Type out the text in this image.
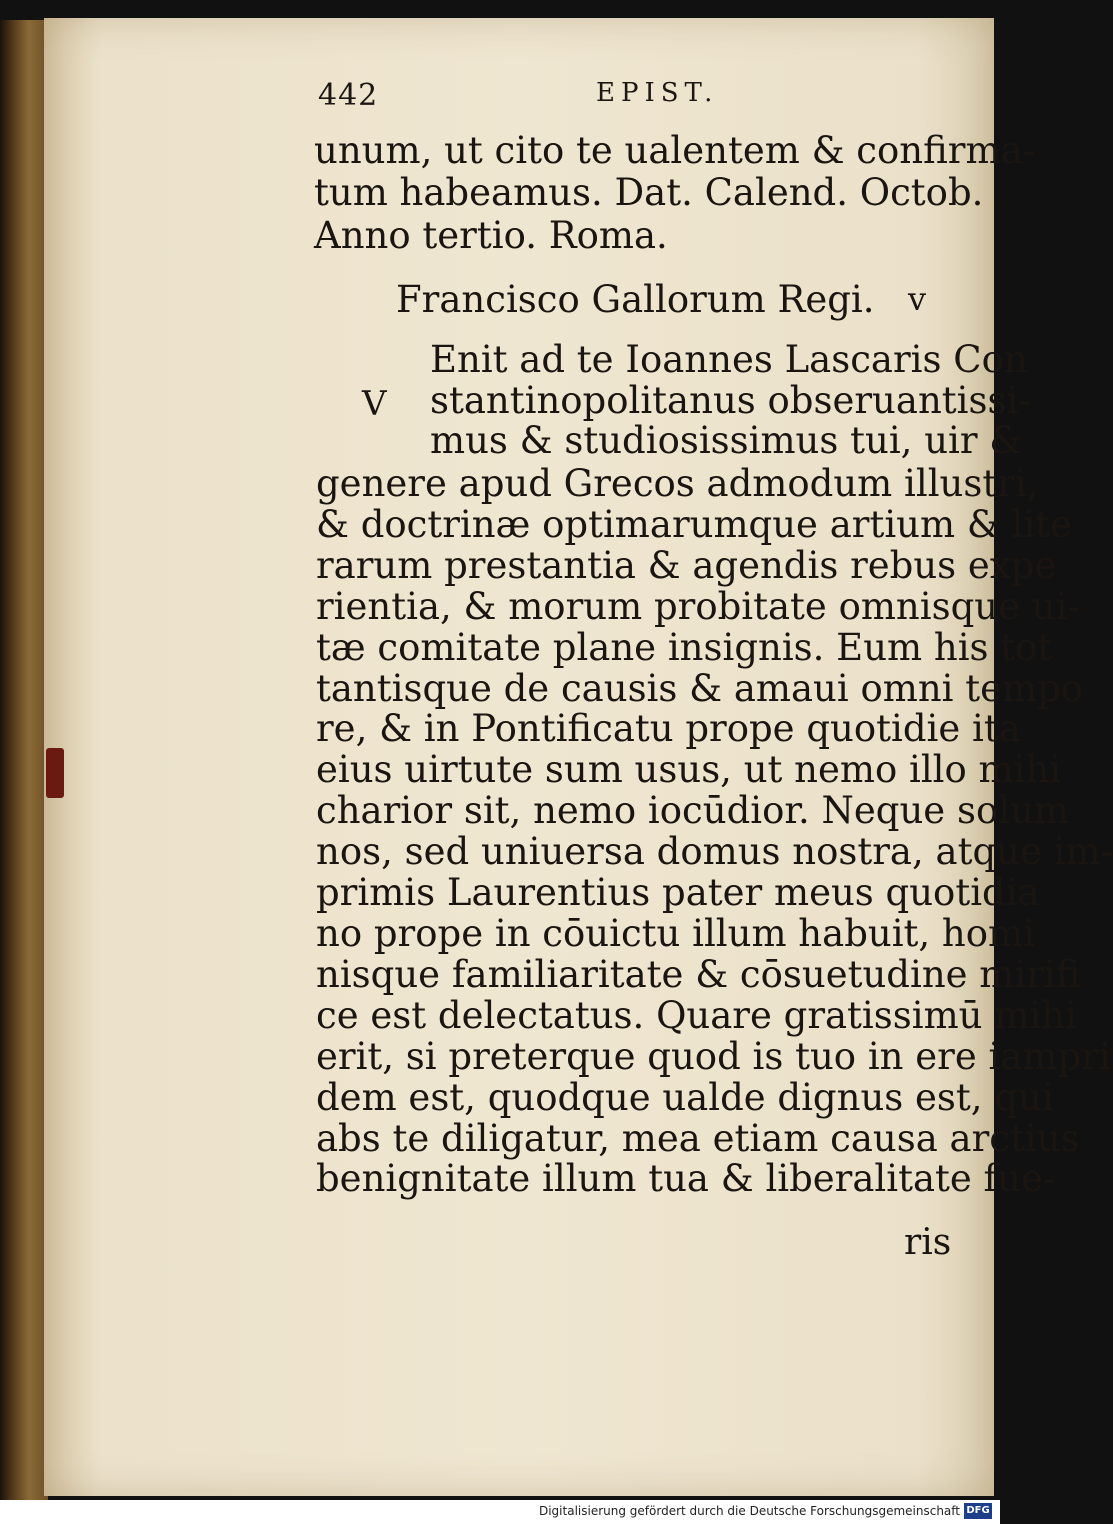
442	EPIST.
unum, ut cito te ualentem & confirma-
tum habeamus. Dat. Calend. Octob.
Anno tertio. Roma.
Francisco Gallorum Regi. v
V
Enit ad te Ioannes Lascaris Con
stantinopolitanus obseruantissi-
mus & studiosissimus tui, uir &
genere apud Grecos admodum illustri,
& doctrinæ optimarumque artium & lite
rarum prestantia & agendis rebus expe
rientia, & morum probitate omnisque ui-
tæ comitate plane insignis. Eum his tot
tantisque de causis & amaui omni tempo
re, & in Pontificatu prope quotidie ita
eius uirtute sum usus, ut nemo illo mihi
charior sit, nemo iocūdior. Neque solum
nos, sed uniuersa domus nostra, atque im-
primis Laurentius pater meus quotidia
no prope in cōuictu illum habuit, homi
nisque familiaritate & cōsuetudine mirifi
ce est delectatus. Quare gratissimū mihi
erit, si preterque quod is tuo in ere iampri
dem est, quodque ualde dignus est, qui
abs te diligatur, mea etiam causa arctius
benignitate illum tua & liberalitate fue-
ris
Digitalisierung gefördert durch die Deutsche Forschungsgemeinschaft DFG
